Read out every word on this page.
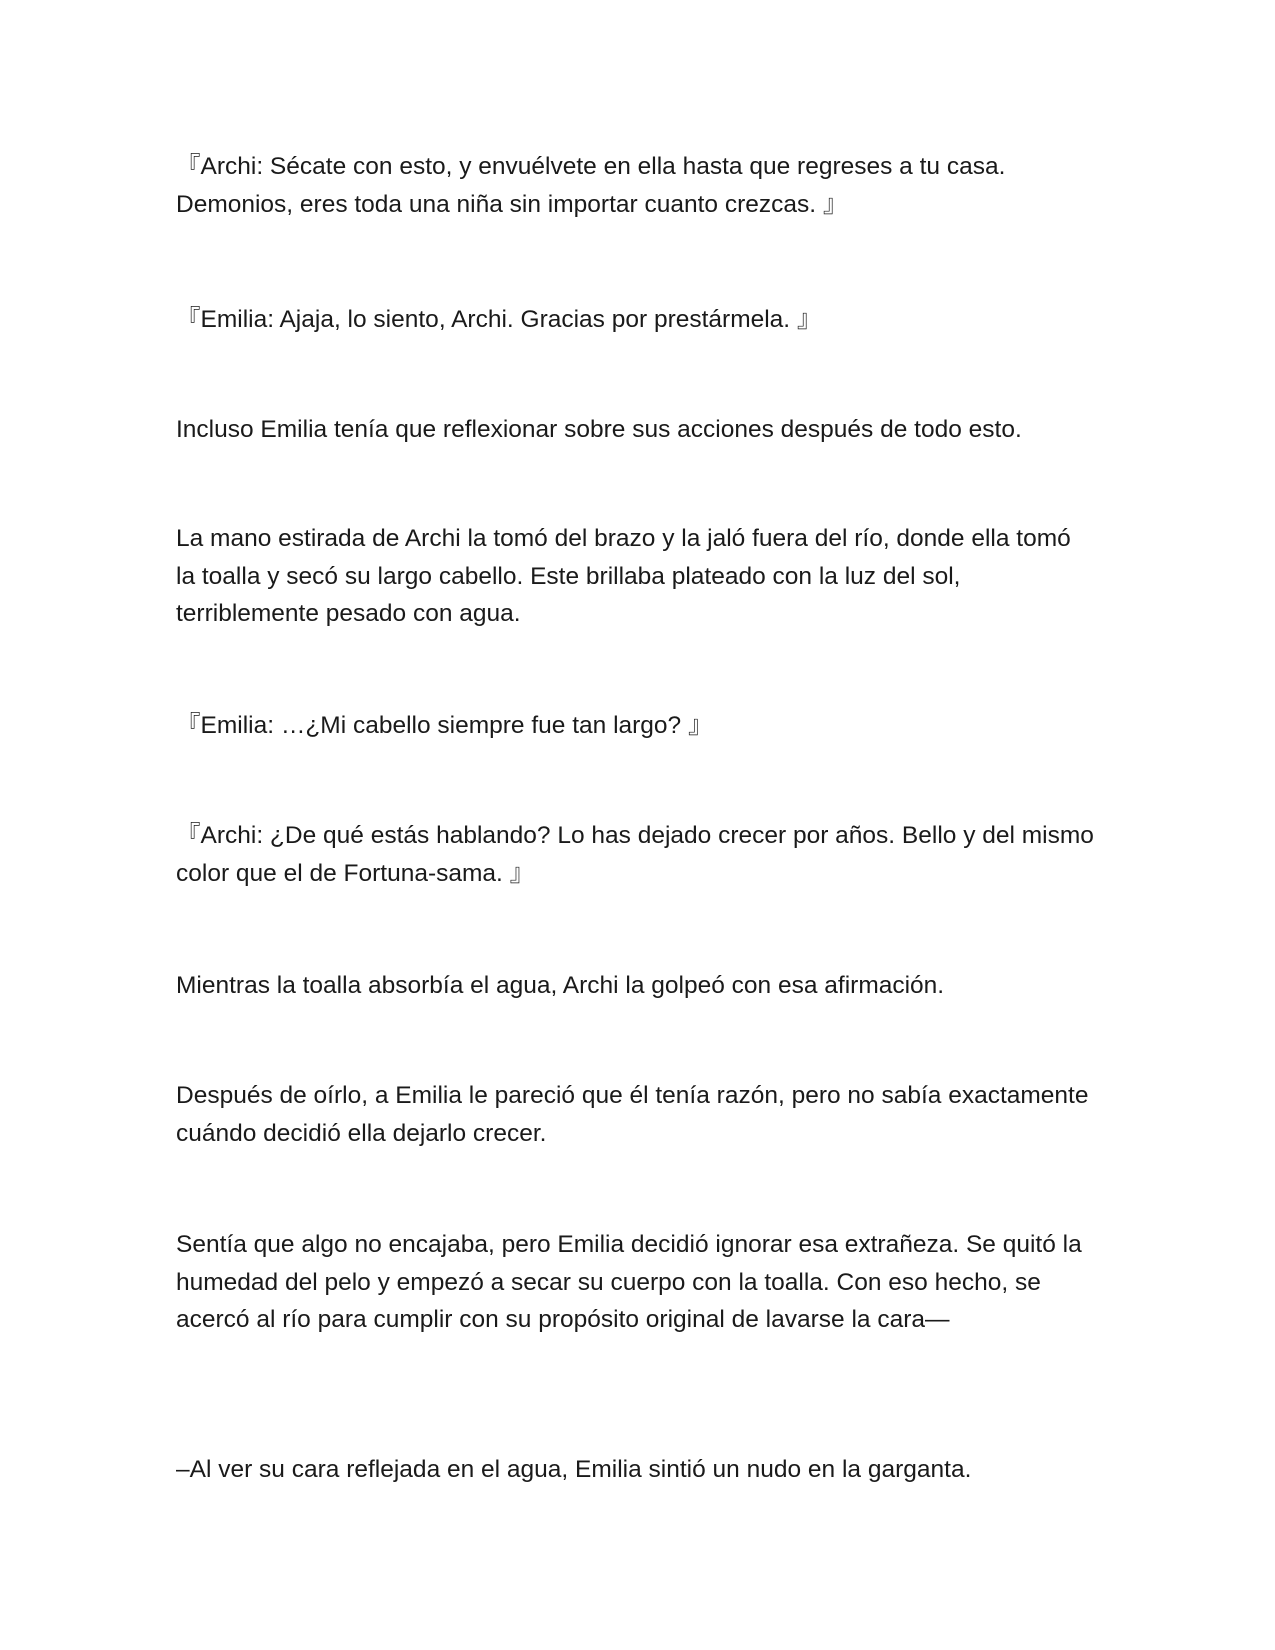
『Archi: Sécate con esto, y envuélvete en ella hasta que regreses a tu casa. Demonios, eres toda una niña sin importar cuanto crezcas. 』

『Emilia: Ajaja, lo siento, Archi. Gracias por prestármela. 』

Incluso Emilia tenía que reflexionar sobre sus acciones después de todo esto.

La mano estirada de Archi la tomó del brazo y la jaló fuera del río, donde ella tomó la toalla y secó su largo cabello. Este brillaba plateado con la luz del sol, terriblemente pesado con agua.

『Emilia: …¿Mi cabello siempre fue tan largo? 』

『Archi: ¿De qué estás hablando? Lo has dejado crecer por años. Bello y del mismo color que el de Fortuna-sama. 』

Mientras la toalla absorbía el agua, Archi la golpeó con esa afirmación.

Después de oírlo, a Emilia le pareció que él tenía razón, pero no sabía exactamente cuándo decidió ella dejarlo crecer.

Sentía que algo no encajaba, pero Emilia decidió ignorar esa extrañeza. Se quitó la humedad del pelo y empezó a secar su cuerpo con la toalla. Con eso hecho, se acercó al río para cumplir con su propósito original de lavarse la cara—

–Al ver su cara reflejada en el agua, Emilia sintió un nudo en la garganta.
